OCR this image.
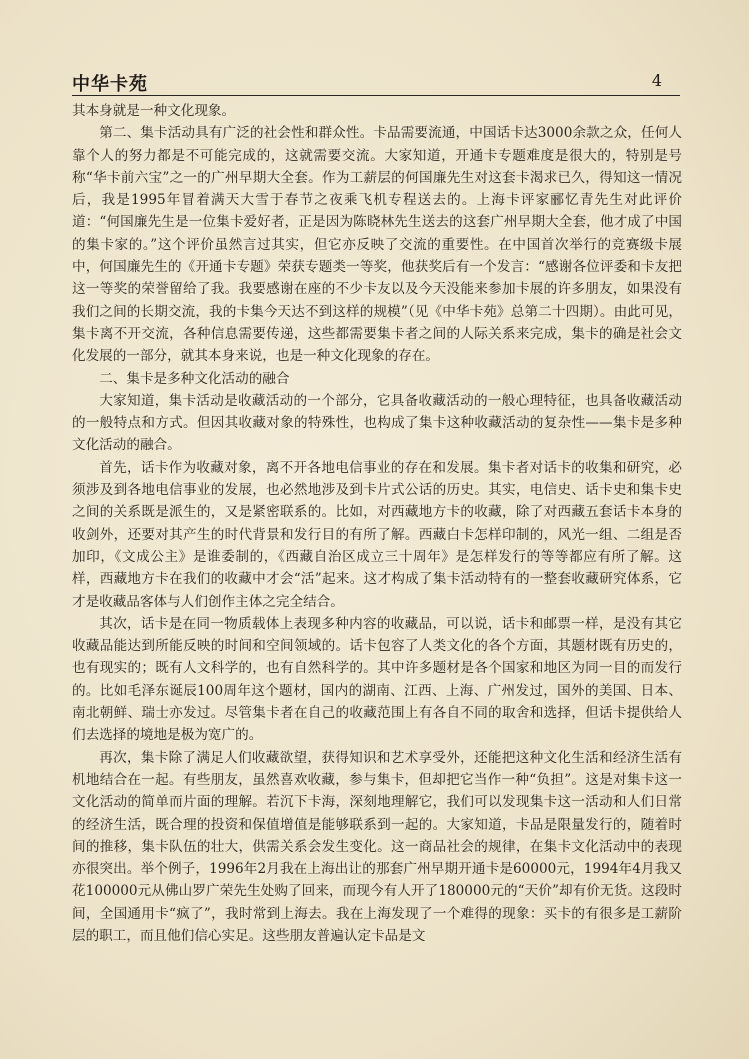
中华卡苑	4

其本身就是一种文化现象。

第二、集卡活动具有广泛的社会性和群众性。卡品需要流通，中国话卡达3000余款之众，任何人靠个人的努力都是不可能完成的，这就需要交流。大家知道，开通卡专题难度是很大的，特别是号称“华卡前六宝”之一的广州早期大全套。作为工薪层的何国廉先生对这套卡渴求已久，得知这一情况后，我是1995年冒着满天大雪于春节之夜乘飞机专程送去的。上海卡评家郦忆青先生对此评价道：“何国廉先生是一位集卡爱好者，正是因为陈晓林先生送去的这套广州早期大全套，他才成了中国的集卡家的。”这个评价虽然言过其实，但它亦反映了交流的重要性。在中国首次举行的竞赛级卡展中，何国廉先生的《开通卡专题》荣获专题类一等奖，他获奖后有一个发言：“感谢各位评委和卡友把这一等奖的荣誉留给了我。我要感谢在座的不少卡友以及今天没能来参加卡展的许多朋友，如果没有我们之间的长期交流，我的卡集今天达不到这样的规模”（见《中华卡苑》总第二十四期）。由此可见，集卡离不开交流，各种信息需要传递，这些都需要集卡者之间的人际关系来完成，集卡的确是社会文化发展的一部分，就其本身来说，也是一种文化现象的存在。

二、集卡是多种文化活动的融合

大家知道，集卡活动是收藏活动的一个部分，它具备收藏活动的一般心理特征，也具备收藏活动的一般特点和方式。但因其收藏对象的特殊性，也构成了集卡这种收藏活动的复杂性——集卡是多种文化活动的融合。

首先，话卡作为收藏对象，离不开各地电信事业的存在和发展。集卡者对话卡的收集和研究，必须涉及到各地电信事业的发展，也必然地涉及到卡片式公话的历史。其实，电信史、话卡史和集卡史之间的关系既是派生的，又是紧密联系的。比如，对西藏地方卡的收藏，除了对西藏五套话卡本身的收剑外，还要对其产生的时代背景和发行目的有所了解。西藏白卡怎样印制的，风光一组、二组是否加印，《文成公主》是谁委制的，《西藏自治区成立三十周年》是怎样发行的等等都应有所了解。这样，西藏地方卡在我们的收藏中才会“活”起来。这才构成了集卡活动特有的一整套收藏研究体系，它才是收藏品客体与人们创作主体之完全结合。

其次，话卡是在同一物质载体上表现多种内容的收藏品，可以说，话卡和邮票一样，是没有其它收藏品能达到所能反映的时间和空间领域的。话卡包容了人类文化的各个方面，其题材既有历史的，也有现实的；既有人文科学的，也有自然科学的。其中许多题材是各个国家和地区为同一目的而发行的。比如毛泽东诞辰100周年这个题材，国内的湖南、江西、上海、广州发过，国外的美国、日本、南北朝鲜、瑞士亦发过。尽管集卡者在自己的收藏范围上有各自不同的取舍和选择，但话卡提供给人们去选择的境地是极为宽广的。

再次，集卡除了满足人们收藏欲望，获得知识和艺术享受外，还能把这种文化生活和经济生活有机地结合在一起。有些朋友，虽然喜欢收藏，参与集卡，但却把它当作一种“负担”。这是对集卡这一文化活动的简单而片面的理解。若沉下卡海，深刻地理解它，我们可以发现集卡这一活动和人们日常的经济生活，既合理的投资和保值增值是能够联系到一起的。大家知道，卡品是限量发行的，随着时间的推移，集卡队伍的壮大，供需关系会发生变化。这一商品社会的规律，在集卡文化活动中的表现亦很突出。举个例子，1996年2月我在上海出让的那套广州早期开通卡是60000元，1994年4月我又花100000元从佛山罗广荣先生处购了回来，而现今有人开了180000元的“天价”却有价无货。这段时间，全国通用卡“疯了”，我时常到上海去。我在上海发现了一个难得的现象：买卡的有很多是工薪阶层的职工，而且他们信心实足。这些朋友普遍认定卡品是文
